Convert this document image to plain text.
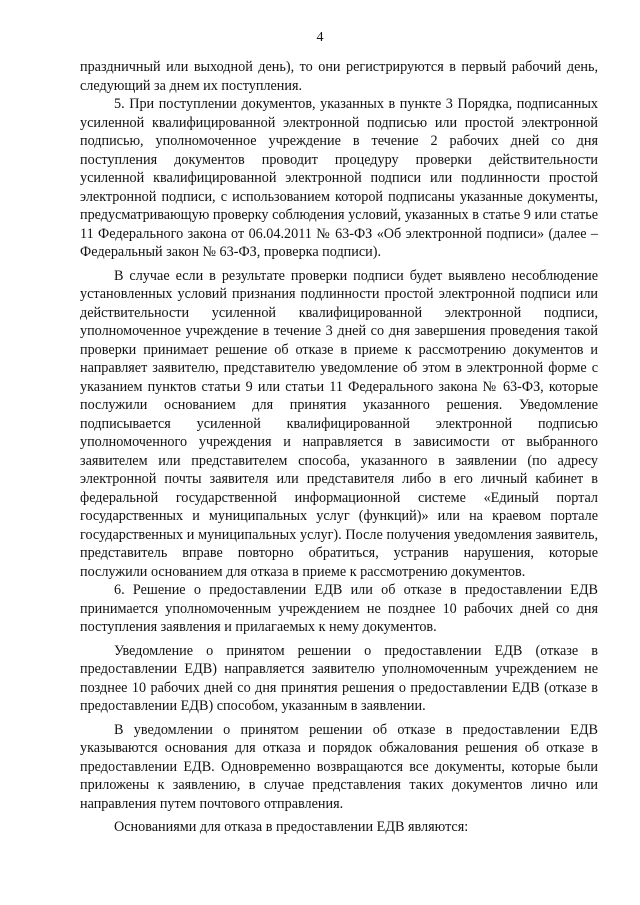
4

праздничный или выходной день), то они регистрируются в первый рабочий день, следующий за днем их поступления.

5. При поступлении документов, указанных в пункте 3 Порядка, подписанных усиленной квалифицированной электронной подписью или простой электронной подписью, уполномоченное учреждение в течение 2 рабочих дней со дня поступления документов проводит процедуру проверки действительности усиленной квалифицированной электронной подписи или подлинности простой электронной подписи, с использованием которой подписаны указанные документы, предусматривающую проверку соблюдения условий, указанных в статье 9 или статье 11 Федерального закона от 06.04.2011 № 63-ФЗ «Об электронной подписи» (далее – Федеральный закон № 63-ФЗ, проверка подписи).

В случае если в результате проверки подписи будет выявлено несоблюдение установленных условий признания подлинности простой электронной подписи или действительности усиленной квалифицированной электронной подписи, уполномоченное учреждение в течение 3 дней со дня завершения проведения такой проверки принимает решение об отказе в приеме к рассмотрению документов и направляет заявителю, представителю уведомление об этом в электронной форме с указанием пунктов статьи 9 или статьи 11 Федерального закона № 63-ФЗ, которые послужили основанием для принятия указанного решения. Уведомление подписывается усиленной квалифицированной электронной подписью уполномоченного учреждения и направляется в зависимости от выбранного заявителем или представителем способа, указанного в заявлении (по адресу электронной почты заявителя или представителя либо в его личный кабинет в федеральной государственной информационной системе «Единый портал государственных и муниципальных услуг (функций)» или на краевом портале государственных и муниципальных услуг). После получения уведомления заявитель, представитель вправе повторно обратиться, устранив нарушения, которые послужили основанием для отказа в приеме к рассмотрению документов.

6. Решение о предоставлении ЕДВ или об отказе в предоставлении ЕДВ принимается уполномоченным учреждением не позднее 10 рабочих дней со дня поступления заявления и прилагаемых к нему документов.

Уведомление о принятом решении о предоставлении ЕДВ (отказе в предоставлении ЕДВ) направляется заявителю уполномоченным учреждением не позднее 10 рабочих дней со дня принятия решения о предоставлении ЕДВ (отказе в предоставлении ЕДВ) способом, указанным в заявлении.

В уведомлении о принятом решении об отказе в предоставлении ЕДВ указываются основания для отказа и порядок обжалования решения об отказе в предоставлении ЕДВ. Одновременно возвращаются все документы, которые были приложены к заявлению, в случае представления таких документов лично или направления путем почтового отправления.

Основаниями для отказа в предоставлении ЕДВ являются:
